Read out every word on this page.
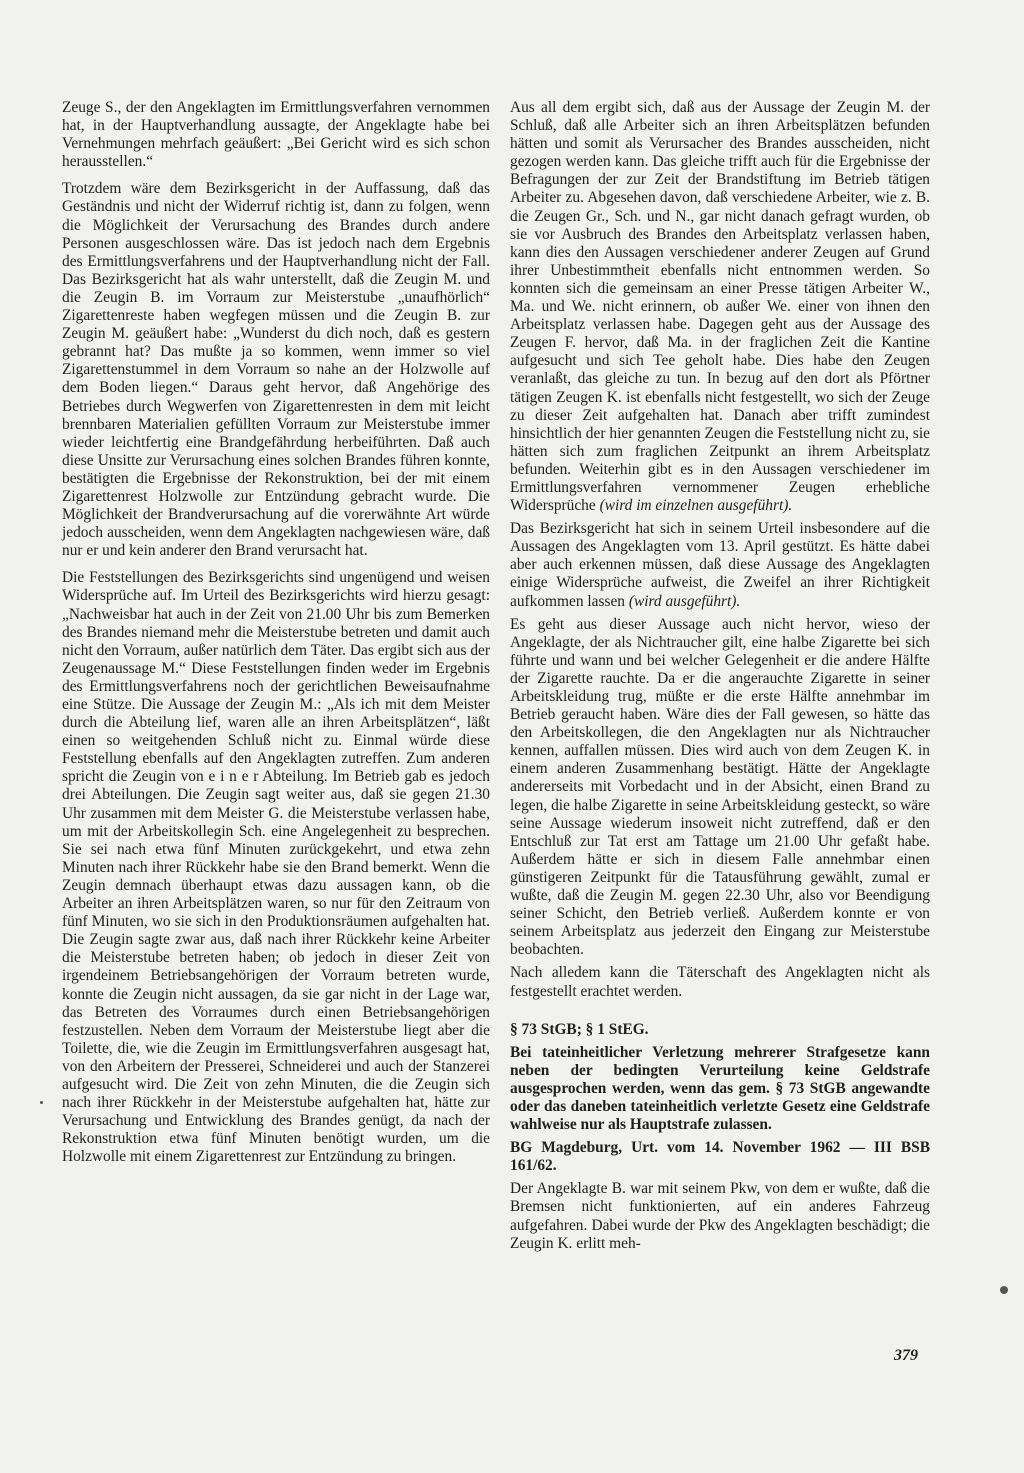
Zeuge S., der den Angeklagten im Ermittlungsverfahren vernommen hat, in der Hauptverhandlung aussagte, der Angeklagte habe bei Vernehmungen mehrfach geäußert: „Bei Gericht wird es sich schon herausstellen.“

Trotzdem wäre dem Bezirksgericht in der Auffassung, daß das Geständnis und nicht der Widerruf richtig ist, dann zu folgen, wenn die Möglichkeit der Verursachung des Brandes durch andere Personen ausgeschlossen wäre. Das ist jedoch nach dem Ergebnis des Ermittlungsverfahrens und der Hauptverhandlung nicht der Fall. Das Bezirksgericht hat als wahr unterstellt, daß die Zeugin M. und die Zeugin B. im Vorraum zur Meisterstube „unaufhörlich“ Zigarettenreste haben wegfegen müssen und die Zeugin B. zur Zeugin M. geäußert habe: „Wunderst du dich noch, daß es gestern gebrannt hat? Das mußte ja so kommen, wenn immer so viel Zigarettenstummel in dem Vorraum so nahe an der Holzwolle auf dem Boden liegen.“ Daraus geht hervor, daß Angehörige des Betriebes durch Wegwerfen von Zigarettenresten in dem mit leicht brennbaren Materialien gefüllten Vorraum zur Meisterstube immer wieder leichtfertig eine Brandgefährdung herbeiführten. Daß auch diese Unsitte zur Verursachung eines solchen Brandes führen konnte, bestätigten die Ergebnisse der Rekonstruktion, bei der mit einem Zigarettenrest Holzwolle zur Entzündung gebracht wurde. Die Möglichkeit der Brandverursachung auf die vorerwähnte Art würde jedoch ausscheiden, wenn dem Angeklagten nachgewiesen wäre, daß nur er und kein anderer den Brand verursacht hat.

Die Feststellungen des Bezirksgerichts sind ungenügend und weisen Widersprüche auf. Im Urteil des Bezirksgerichts wird hierzu gesagt: „Nachweisbar hat auch in der Zeit von 21.00 Uhr bis zum Bemerken des Brandes niemand mehr die Meisterstube betreten und damit auch nicht den Vorraum, außer natürlich dem Täter. Das ergibt sich aus der Zeugenaussage M.“ Diese Feststellungen finden weder im Ergebnis des Ermittlungsverfahrens noch der gerichtlichen Beweisaufnahme eine Stütze. Die Aussage der Zeugin M.: „Als ich mit dem Meister durch die Abteilung lief, waren alle an ihren Arbeitsplätzen“, läßt einen so weitgehenden Schluß nicht zu. Einmal würde diese Feststellung ebenfalls auf den Angeklagten zutreffen. Zum anderen spricht die Zeugin von e i n e r Abteilung. Im Betrieb gab es jedoch drei Abteilungen. Die Zeugin sagt weiter aus, daß sie gegen 21.30 Uhr zusammen mit dem Meister G. die Meisterstube verlassen habe, um mit der Arbeitskollegin Sch. eine Angelegenheit zu besprechen. Sie sei nach etwa fünf Minuten zurückgekehrt, und etwa zehn Minuten nach ihrer Rückkehr habe sie den Brand bemerkt. Wenn die Zeugin demnach überhaupt etwas dazu aussagen kann, ob die Arbeiter an ihren Arbeitsplätzen waren, so nur für den Zeitraum von fünf Minuten, wo sie sich in den Produktionsräumen aufgehalten hat. Die Zeugin sagte zwar aus, daß nach ihrer Rückkehr keine Arbeiter die Meisterstube betreten haben; ob jedoch in dieser Zeit von irgendeinem Betriebsangehörigen der Vorraum betreten wurde, konnte die Zeugin nicht aussagen, da sie gar nicht in der Lage war, das Betreten des Vorraumes durch einen Betriebsangehörigen festzustellen. Neben dem Vorraum der Meisterstube liegt aber die Toilette, die, wie die Zeugin im Ermittlungsverfahren ausgesagt hat, von den Arbeitern der Presserei, Schneiderei und auch der Stanzerei aufgesucht wird. Die Zeit von zehn Minuten, die die Zeugin sich nach ihrer Rückkehr in der Meisterstube aufgehalten hat, hätte zur Verursachung und Entwicklung des Brandes genügt, da nach der Rekonstruktion etwa fünf Minuten benötigt wurden, um die Holzwolle mit einem Zigarettenrest zur Entzündung zu bringen.

Aus all dem ergibt sich, daß aus der Aussage der Zeugin M. der Schluß, daß alle Arbeiter sich an ihren Arbeitsplätzen befunden hätten und somit als Verursacher des Brandes ausscheiden, nicht gezogen werden kann. Das gleiche trifft auch für die Ergebnisse der Befragungen der zur Zeit der Brandstiftung im Betrieb tätigen Arbeiter zu. Abgesehen davon, daß verschiedene Arbeiter, wie z. B. die Zeugen Gr., Sch. und N., gar nicht danach gefragt wurden, ob sie vor Ausbruch des Brandes den Arbeitsplatz verlassen haben, kann dies den Aussagen verschiedener anderer Zeugen auf Grund ihrer Unbestimmtheit ebenfalls nicht entnommen werden. So konnten sich die gemeinsam an einer Presse tätigen Arbeiter W., Ma. und We. nicht erinnern, ob außer We. einer von ihnen den Arbeitsplatz verlassen habe. Dagegen geht aus der Aussage des Zeugen F. hervor, daß Ma. in der fraglichen Zeit die Kantine aufgesucht und sich Tee geholt habe. Dies habe den Zeugen veranlaßt, das gleiche zu tun. In bezug auf den dort als Pförtner tätigen Zeugen K. ist ebenfalls nicht festgestellt, wo sich der Zeuge zu dieser Zeit aufgehalten hat. Danach aber trifft zumindest hinsichtlich der hier genannten Zeugen die Feststellung nicht zu, sie hätten sich zum fraglichen Zeitpunkt an ihrem Arbeitsplatz befunden. Weiterhin gibt es in den Aussagen verschiedener im Ermittlungsverfahren vernommener Zeugen erhebliche Widersprüche (wird im einzelnen ausgeführt).

Das Bezirksgericht hat sich in seinem Urteil insbesondere auf die Aussagen des Angeklagten vom 13. April gestützt. Es hätte dabei aber auch erkennen müssen, daß diese Aussage des Angeklagten einige Widersprüche aufweist, die Zweifel an ihrer Richtigkeit aufkommen lassen (wird ausgeführt).

Es geht aus dieser Aussage auch nicht hervor, wieso der Angeklagte, der als Nichtraucher gilt, eine halbe Zigarette bei sich führte und wann und bei welcher Gelegenheit er die andere Hälfte der Zigarette rauchte. Da er die angerauchte Zigarette in seiner Arbeitskleidung trug, müßte er die erste Hälfte annehmbar im Betrieb geraucht haben. Wäre dies der Fall gewesen, so hätte das den Arbeitskollegen, die den Angeklagten nur als Nichtraucher kennen, auffallen müssen. Dies wird auch von dem Zeugen K. in einem anderen Zusammenhang bestätigt. Hätte der Angeklagte andererseits mit Vorbedacht und in der Absicht, einen Brand zu legen, die halbe Zigarette in seine Arbeitskleidung gesteckt, so wäre seine Aussage wiederum insoweit nicht zutreffend, daß er den Entschluß zur Tat erst am Tattage um 21.00 Uhr gefaßt habe. Außerdem hätte er sich in diesem Falle annehmbar einen günstigeren Zeitpunkt für die Tatausführung gewählt, zumal er wußte, daß die Zeugin M. gegen 22.30 Uhr, also vor Beendigung seiner Schicht, den Betrieb verließ. Außerdem konnte er von seinem Arbeitsplatz aus jederzeit den Eingang zur Meisterstube beobachten.

Nach alledem kann die Täterschaft des Angeklagten nicht als festgestellt erachtet werden.

§ 73 StGB; § 1 StEG.

Bei tateinheitlicher Verletzung mehrerer Strafgesetze kann neben der bedingten Verurteilung keine Geldstrafe ausgesprochen werden, wenn das gem. § 73 StGB angewandte oder das daneben tateinheitlich verletzte Gesetz eine Geldstrafe wahlweise nur als Hauptstrafe zulassen.

BG Magdeburg, Urt. vom 14. November 1962 — III BSB 161/62.

Der Angeklagte B. war mit seinem Pkw, von dem er wußte, daß die Bremsen nicht funktionierten, auf ein anderes Fahrzeug aufgefahren. Dabei wurde der Pkw des Angeklagten beschädigt; die Zeugin K. erlitt meh-

379
